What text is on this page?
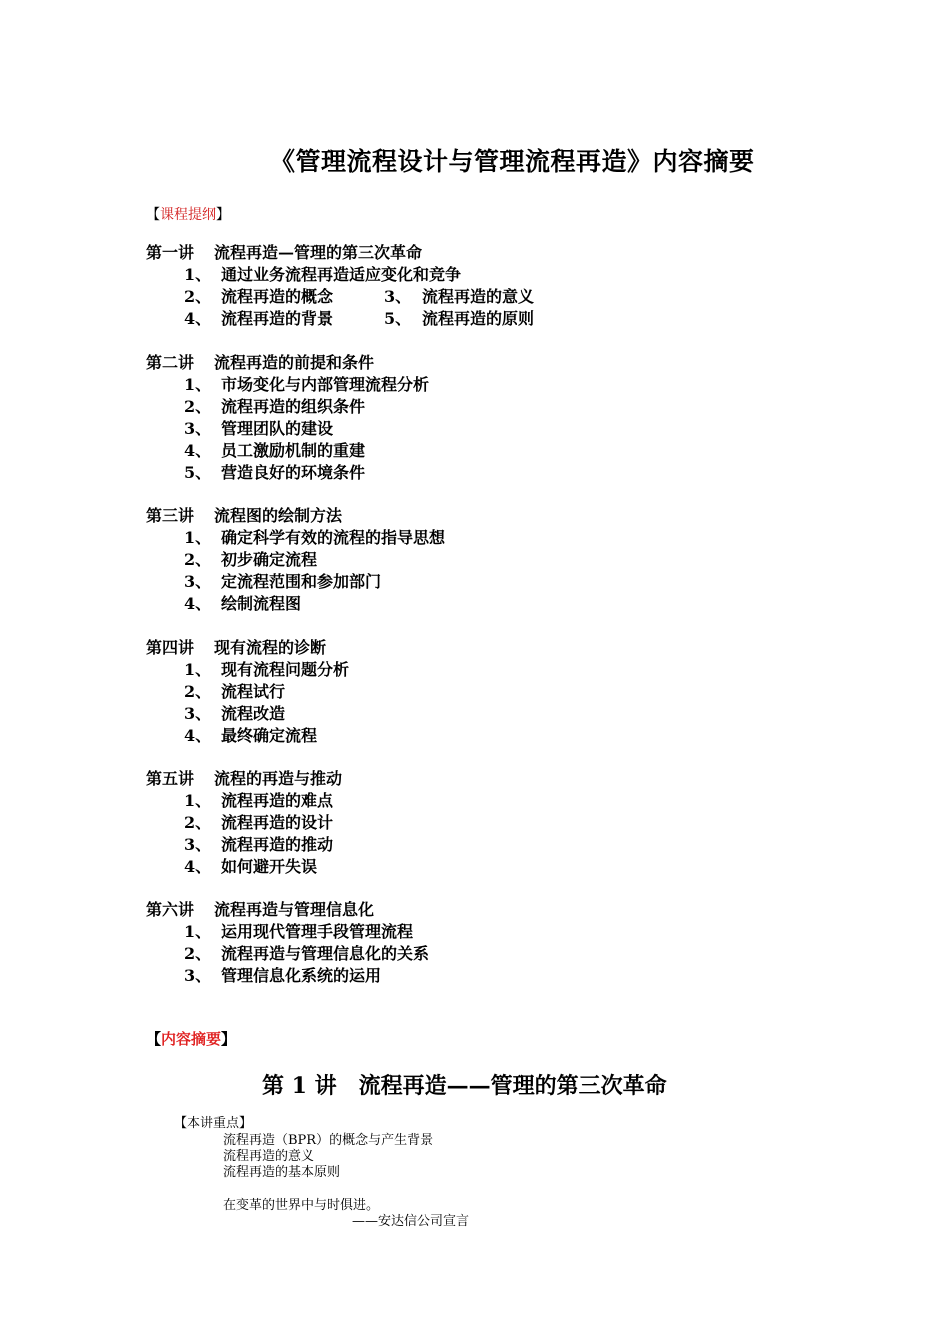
《管理流程设计与管理流程再造》内容摘要
【课程提纲】
第一讲 流程再造—管理的第三次革命
1、 通过业务流程再造适应变化和竞争
2、 流程再造的概念	3、 流程再造的意义
4、 流程再造的背景	5、 流程再造的原则
第二讲 流程再造的前提和条件
1、 市场变化与内部管理流程分析
2、 流程再造的组织条件
3、 管理团队的建设
4、 员工激励机制的重建
5、 营造良好的环境条件
第三讲 流程图的绘制方法
1、 确定科学有效的流程的指导思想
2、 初步确定流程
3、 定流程范围和参加部门
4、 绘制流程图
第四讲 现有流程的诊断
1、 现有流程问题分析
2、 流程试行
3、 流程改造
4、 最终确定流程
第五讲 流程的再造与推动
1、 流程再造的难点
2、 流程再造的设计
3、 流程再造的推动
4、 如何避开失误
第六讲 流程再造与管理信息化
1、 运用现代管理手段管理流程
2、 流程再造与管理信息化的关系
3、 管理信息化系统的运用
【内容摘要】
第 1 讲　流程再造——管理的第三次革命
【本讲重点】
流程再造（BPR）的概念与产生背景
流程再造的意义
流程再造的基本原则
在变革的世界中与时俱进。
——安达信公司宣言
